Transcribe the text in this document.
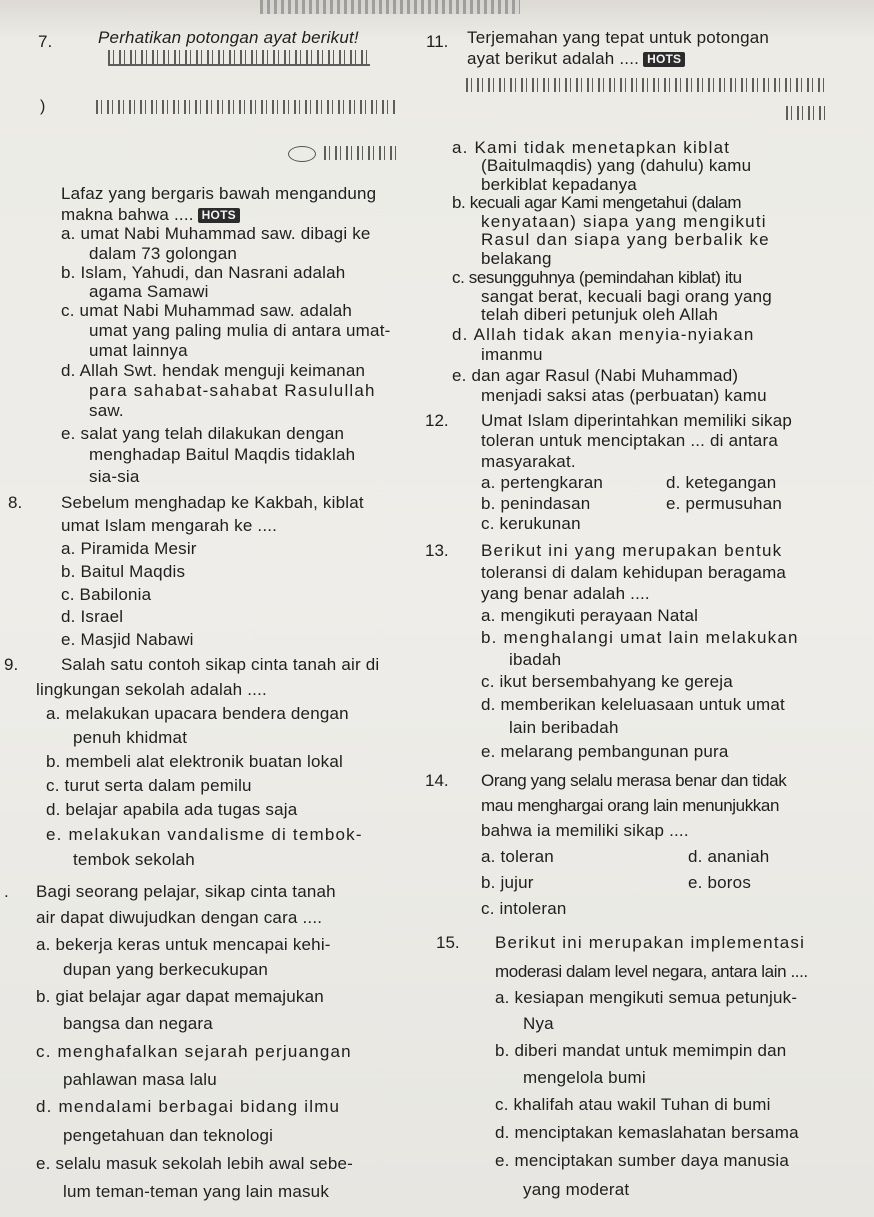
7.	Perhatikan potongan ayat berikut!
)
Lafaz yang bergaris bawah mengandung
makna bahwa .... HOTS
a. umat Nabi Muhammad saw. dibagi ke
dalam 73 golongan
b. Islam, Yahudi, dan Nasrani adalah
agama Samawi
c. umat Nabi Muhammad saw. adalah
umat yang paling mulia di antara umat-
umat lainnya
d. Allah Swt. hendak menguji keimanan
para sahabat-sahabat Rasulullah
saw.
e. salat yang telah dilakukan dengan
menghadap Baitul Maqdis tidaklah
sia-sia
8. Sebelum menghadap ke Kakbah, kiblat
umat Islam mengarah ke ....
a. Piramida Mesir
b. Baitul Maqdis
c. Babilonia
d. Israel
e. Masjid Nabawi
9.	Salah satu contoh sikap cinta tanah air di
lingkungan sekolah adalah ....
a. melakukan upacara bendera dengan
penuh khidmat
b. membeli alat elektronik buatan lokal
c. turut serta dalam pemilu
d. belajar apabila ada tugas saja
e. melakukan vandalisme di tembok-
tembok sekolah
. Bagi seorang pelajar, sikap cinta tanah
air dapat diwujudkan dengan cara ....
a. bekerja keras untuk mencapai kehi-
dupan yang berkecukupan
b. giat belajar agar dapat memajukan
bangsa dan negara
c. menghafalkan sejarah perjuangan
pahlawan masa lalu
d. mendalami berbagai bidang ilmu
pengetahuan dan teknologi
e. selalu masuk sekolah lebih awal sebe-
lum teman-teman yang lain masuk
11. Terjemahan yang tepat untuk potongan
ayat berikut adalah .... HOTS
a. Kami tidak menetapkan kiblat
(Baitulmaqdis) yang (dahulu) kamu
berkiblat kepadanya
b. kecuali agar Kami mengetahui (dalam
kenyataan) siapa yang mengikuti
Rasul dan siapa yang berbalik ke
belakang
c. sesungguhnya (pemindahan kiblat) itu
sangat berat, kecuali bagi orang yang
telah diberi petunjuk oleh Allah
d. Allah tidak akan menyia-nyiakan
imanmu
e. dan agar Rasul (Nabi Muhammad)
menjadi saksi atas (perbuatan) kamu
12. Umat Islam diperintahkan memiliki sikap
toleran untuk menciptakan ... di antara
masyarakat.
a. pertengkaran	d. ketegangan
b. penindasan	e. permusuhan
c. kerukunan
13. Berikut ini yang merupakan bentuk
toleransi di dalam kehidupan beragama
yang benar adalah ....
a. mengikuti perayaan Natal
b. menghalangi umat lain melakukan
ibadah
c. ikut bersembahyang ke gereja
d. memberikan keleluasaan untuk umat
lain beribadah
e. melarang pembangunan pura
14. Orang yang selalu merasa benar dan tidak
mau menghargai orang lain menunjukkan
bahwa ia memiliki sikap ....
a. toleran	d. ananiah
b. jujur	e. boros
c. intoleran
15. Berikut ini merupakan implementasi
moderasi dalam level negara, antara lain ....
a. kesiapan mengikuti semua petunjuk-
Nya
b. diberi mandat untuk memimpin dan
mengelola bumi
c. khalifah atau wakil Tuhan di bumi
d. menciptakan kemaslahatan bersama
e. menciptakan sumber daya manusia
yang moderat
